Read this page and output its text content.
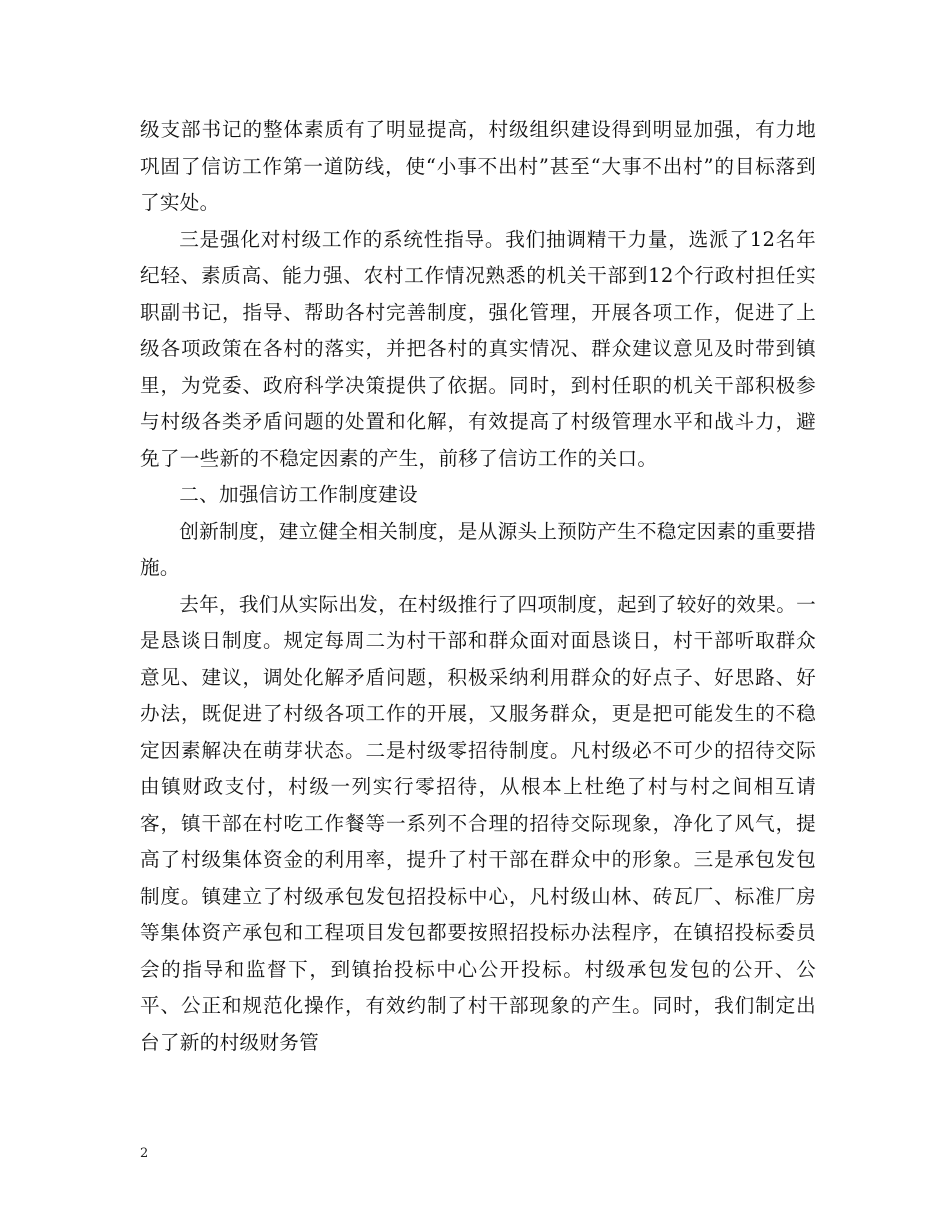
级支部书记的整体素质有了明显提高，村级组织建设得到明显加强，有力地巩固了信访工作第一道防线，使“小事不出村”甚至“大事不出村”的目标落到了实处。

三是强化对村级工作的系统性指导。我们抽调精干力量，选派了12名年纪轻、素质高、能力强、农村工作情况熟悉的机关干部到12个行政村担任实职副书记，指导、帮助各村完善制度，强化管理，开展各项工作，促进了上级各项政策在各村的落实，并把各村的真实情况、群众建议意见及时带到镇里，为党委、政府科学决策提供了依据。同时，到村任职的机关干部积极参与村级各类矛盾问题的处置和化解，有效提高了村级管理水平和战斗力，避免了一些新的不稳定因素的产生，前移了信访工作的关口。

二、加强信访工作制度建设

创新制度，建立健全相关制度，是从源头上预防产生不稳定因素的重要措施。

去年，我们从实际出发，在村级推行了四项制度，起到了较好的效果。一是恳谈日制度。规定每周二为村干部和群众面对面恳谈日，村干部听取群众意见、建议，调处化解矛盾问题，积极采纳利用群众的好点子、好思路、好办法，既促进了村级各项工作的开展，又服务群众，更是把可能发生的不稳定因素解决在萌芽状态。二是村级零招待制度。凡村级必不可少的招待交际由镇财政支付，村级一列实行零招待，从根本上杜绝了村与村之间相互请客，镇干部在村吃工作餐等一系列不合理的招待交际现象，净化了风气，提高了村级集体资金的利用率，提升了村干部在群众中的形象。三是承包发包制度。镇建立了村级承包发包招投标中心，凡村级山林、砖瓦厂、标准厂房等集体资产承包和工程项目发包都要按照招投标办法程序，在镇招投标委员会的指导和监督下，到镇抬投标中心公开投标。村级承包发包的公开、公平、公正和规范化操作，有效约制了村干部现象的产生。同时，我们制定出台了新的村级财务管

2
